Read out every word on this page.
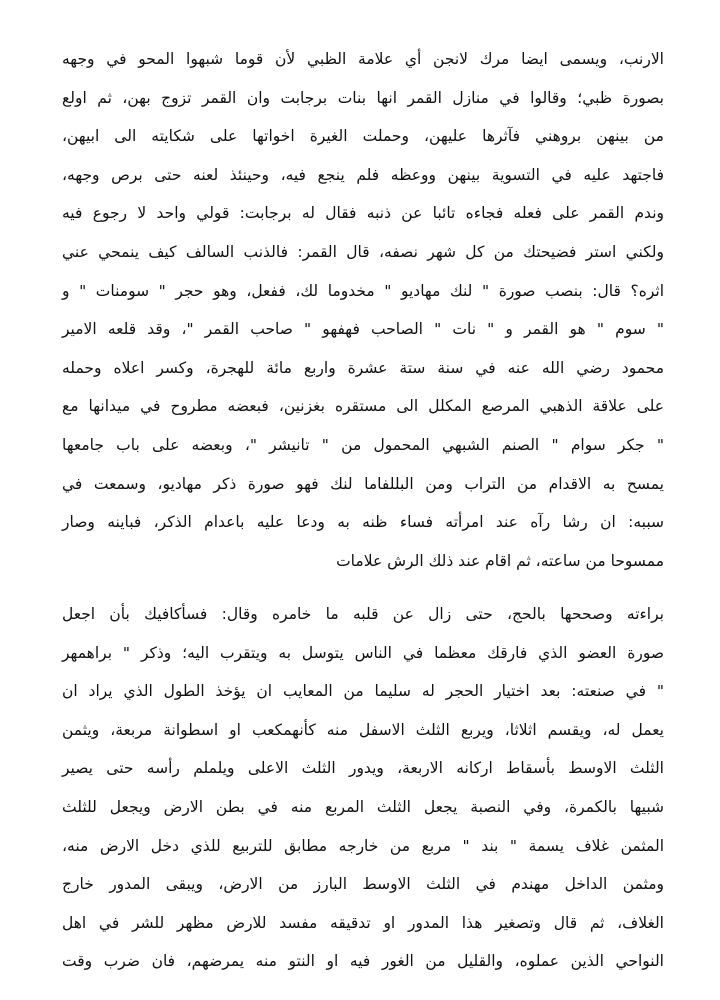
الارنب، ويسمى ايضا مرك لانجن أي علامة الظبي لأن قوما شبهوا المحو في وجهه
بصورة ظبي؛ وقالوا في منازل القمر انها بنات برجابت وان القمر تزوج بهن، ثم اولع
من بينهن بروهني فآثرها عليهن، وحملت الغيرة اخواتها على شكايته الى ابيهن،
فاجتهد عليه في التسوية بينهن ووعظه فلم ينجع فيه، وحينئذ لعنه حتى برص وجهه،
وندم القمر على فعله فجاءه تائبا عن ذنبه فقال له برجابت: قولي واحد لا رجوع فيه
ولكني استر فضيحتك من كل شهر نصفه، قال القمر: فالذنب السالف كيف ينمحي عني
اثره؟ قال: بنصب صورة " لنك مهاديو " مخدوما لك، ففعل، وهو حجر " سومنات " و
" سوم " هو القمر و " نات " الصاحب فهفهو " صاحب القمر "، وقد قلعه الامير
محمود رضي الله عنه في سنة ستة عشرة واربع مائة للهجرة، وكسر اعلاه وحمله
على علاقة الذهبي المرصع المكلل الى مستقره بغزنين، فبعضه مطروح في ميدانها مع
" جكر سوام " الصنم الشبهي المحمول من " تانيشر "، وبعضه على باب جامعها
يمسح به الاقدام من التراب ومن البللفاما لنك فهو صورة ذكر مهاديو، وسمعت في
سببه: ان رشا رآه عند امرأته فساء ظنه به ودعا عليه باعدام الذكر، فباينه وصار
ممسوحا من ساعته، ثم اقام عند ذلك الرش علامات
براءته وصححها بالحج، حتى زال عن قلبه ما خامره وقال: فسأكافيك بأن اجعل
صورة العضو الذي فارقك معظما في الناس يتوسل به ويتقرب اليه؛ وذكر " براهمهر
" في صنعته: بعد اختيار الحجر له سليما من المعايب ان يؤخذ الطول الذي يراد ان
يعمل له، ويقسم اثلاثا، ويربع الثلث الاسفل منه كأنهمكعب او اسطوانة مربعة، ويثمن
الثلث الاوسط بأسقاط اركانه الاربعة، ويدور الثلث الاعلى ويلملم رأسه حتى يصير
شبيها بالكمرة، وفي النصبة يجعل الثلث المربع منه في بطن الارض ويجعل للثلث
المثمن غلاف يسمة " بند " مربع من خارجه مطابق للتربيع للذي دخل الارض منه،
ومثمن الداخل مهندم في الثلث الاوسط البارز من الارض، ويبقى المدور خارج
الغلاف، ثم قال وتصغير هذا المدور او تدقيقه مفسد للارض مظهر للشر في اهل
النواحي الذين عملوه، والقليل من الغور فيه او النتو منه يمرضهم، فان ضرب وقت
